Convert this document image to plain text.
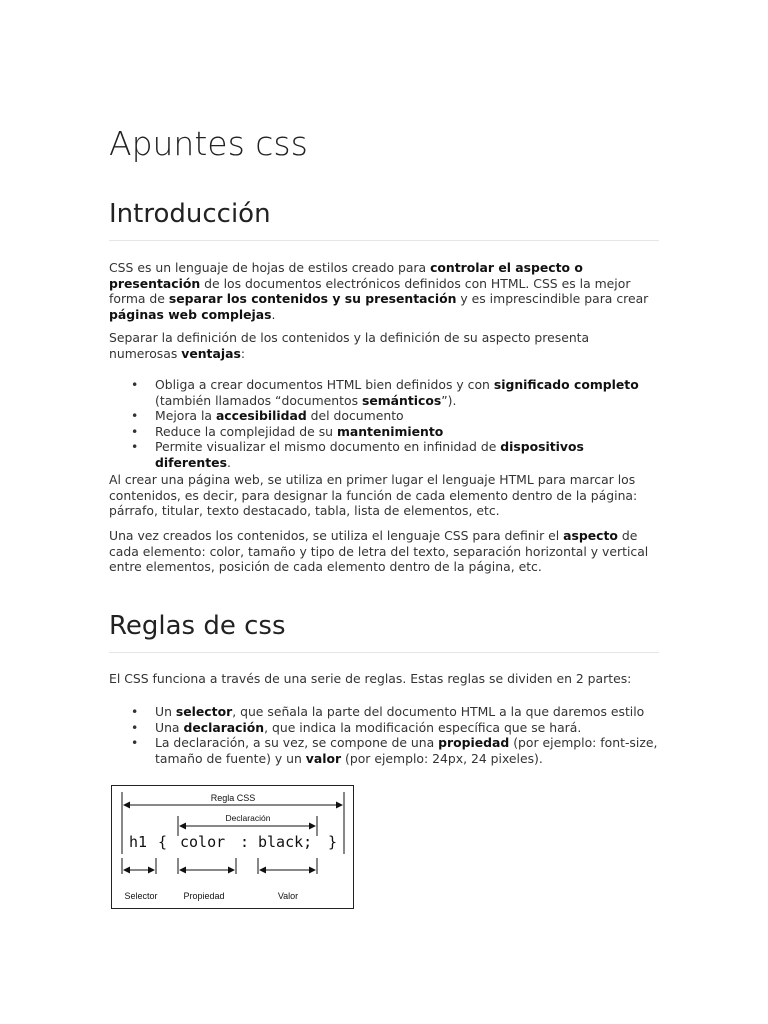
Apuntes css
Introducción

CSS es un lenguaje de hojas de estilos creado para controlar el aspecto o presentación de los documentos electrónicos definidos con HTML. CSS es la mejor forma de separar los contenidos y su presentación y es imprescindible para crear páginas web complejas.

Separar la definición de los contenidos y la definición de su aspecto presenta numerosas ventajas:

• Obliga a crear documentos HTML bien definidos y con significado completo (también llamados “documentos semánticos”).
• Mejora la accesibilidad del documento
• Reduce la complejidad de su mantenimiento
• Permite visualizar el mismo documento en infinidad de dispositivos diferentes.

Al crear una página web, se utiliza en primer lugar el lenguaje HTML para marcar los contenidos, es decir, para designar la función de cada elemento dentro de la página: párrafo, titular, texto destacado, tabla, lista de elementos, etc.

Una vez creados los contenidos, se utiliza el lenguaje CSS para definir el aspecto de cada elemento: color, tamaño y tipo de letra del texto, separación horizontal y vertical entre elementos, posición de cada elemento dentro de la página, etc.

Reglas de css

El CSS funciona a través de una serie de reglas. Estas reglas se dividen en 2 partes:

• Un selector, que señala la parte del documento HTML a la que daremos estilo
• Una declaración, que indica la modificación específica que se hará.
• La declaración, a su vez, se compone de una propiedad (por ejemplo: font-size, tamaño de fuente) y un valor (por ejemplo: 24px, 24 pixeles).
Regla CSS
Declaración
h1 { color : black; }
Selector	Propiedad	Valor
